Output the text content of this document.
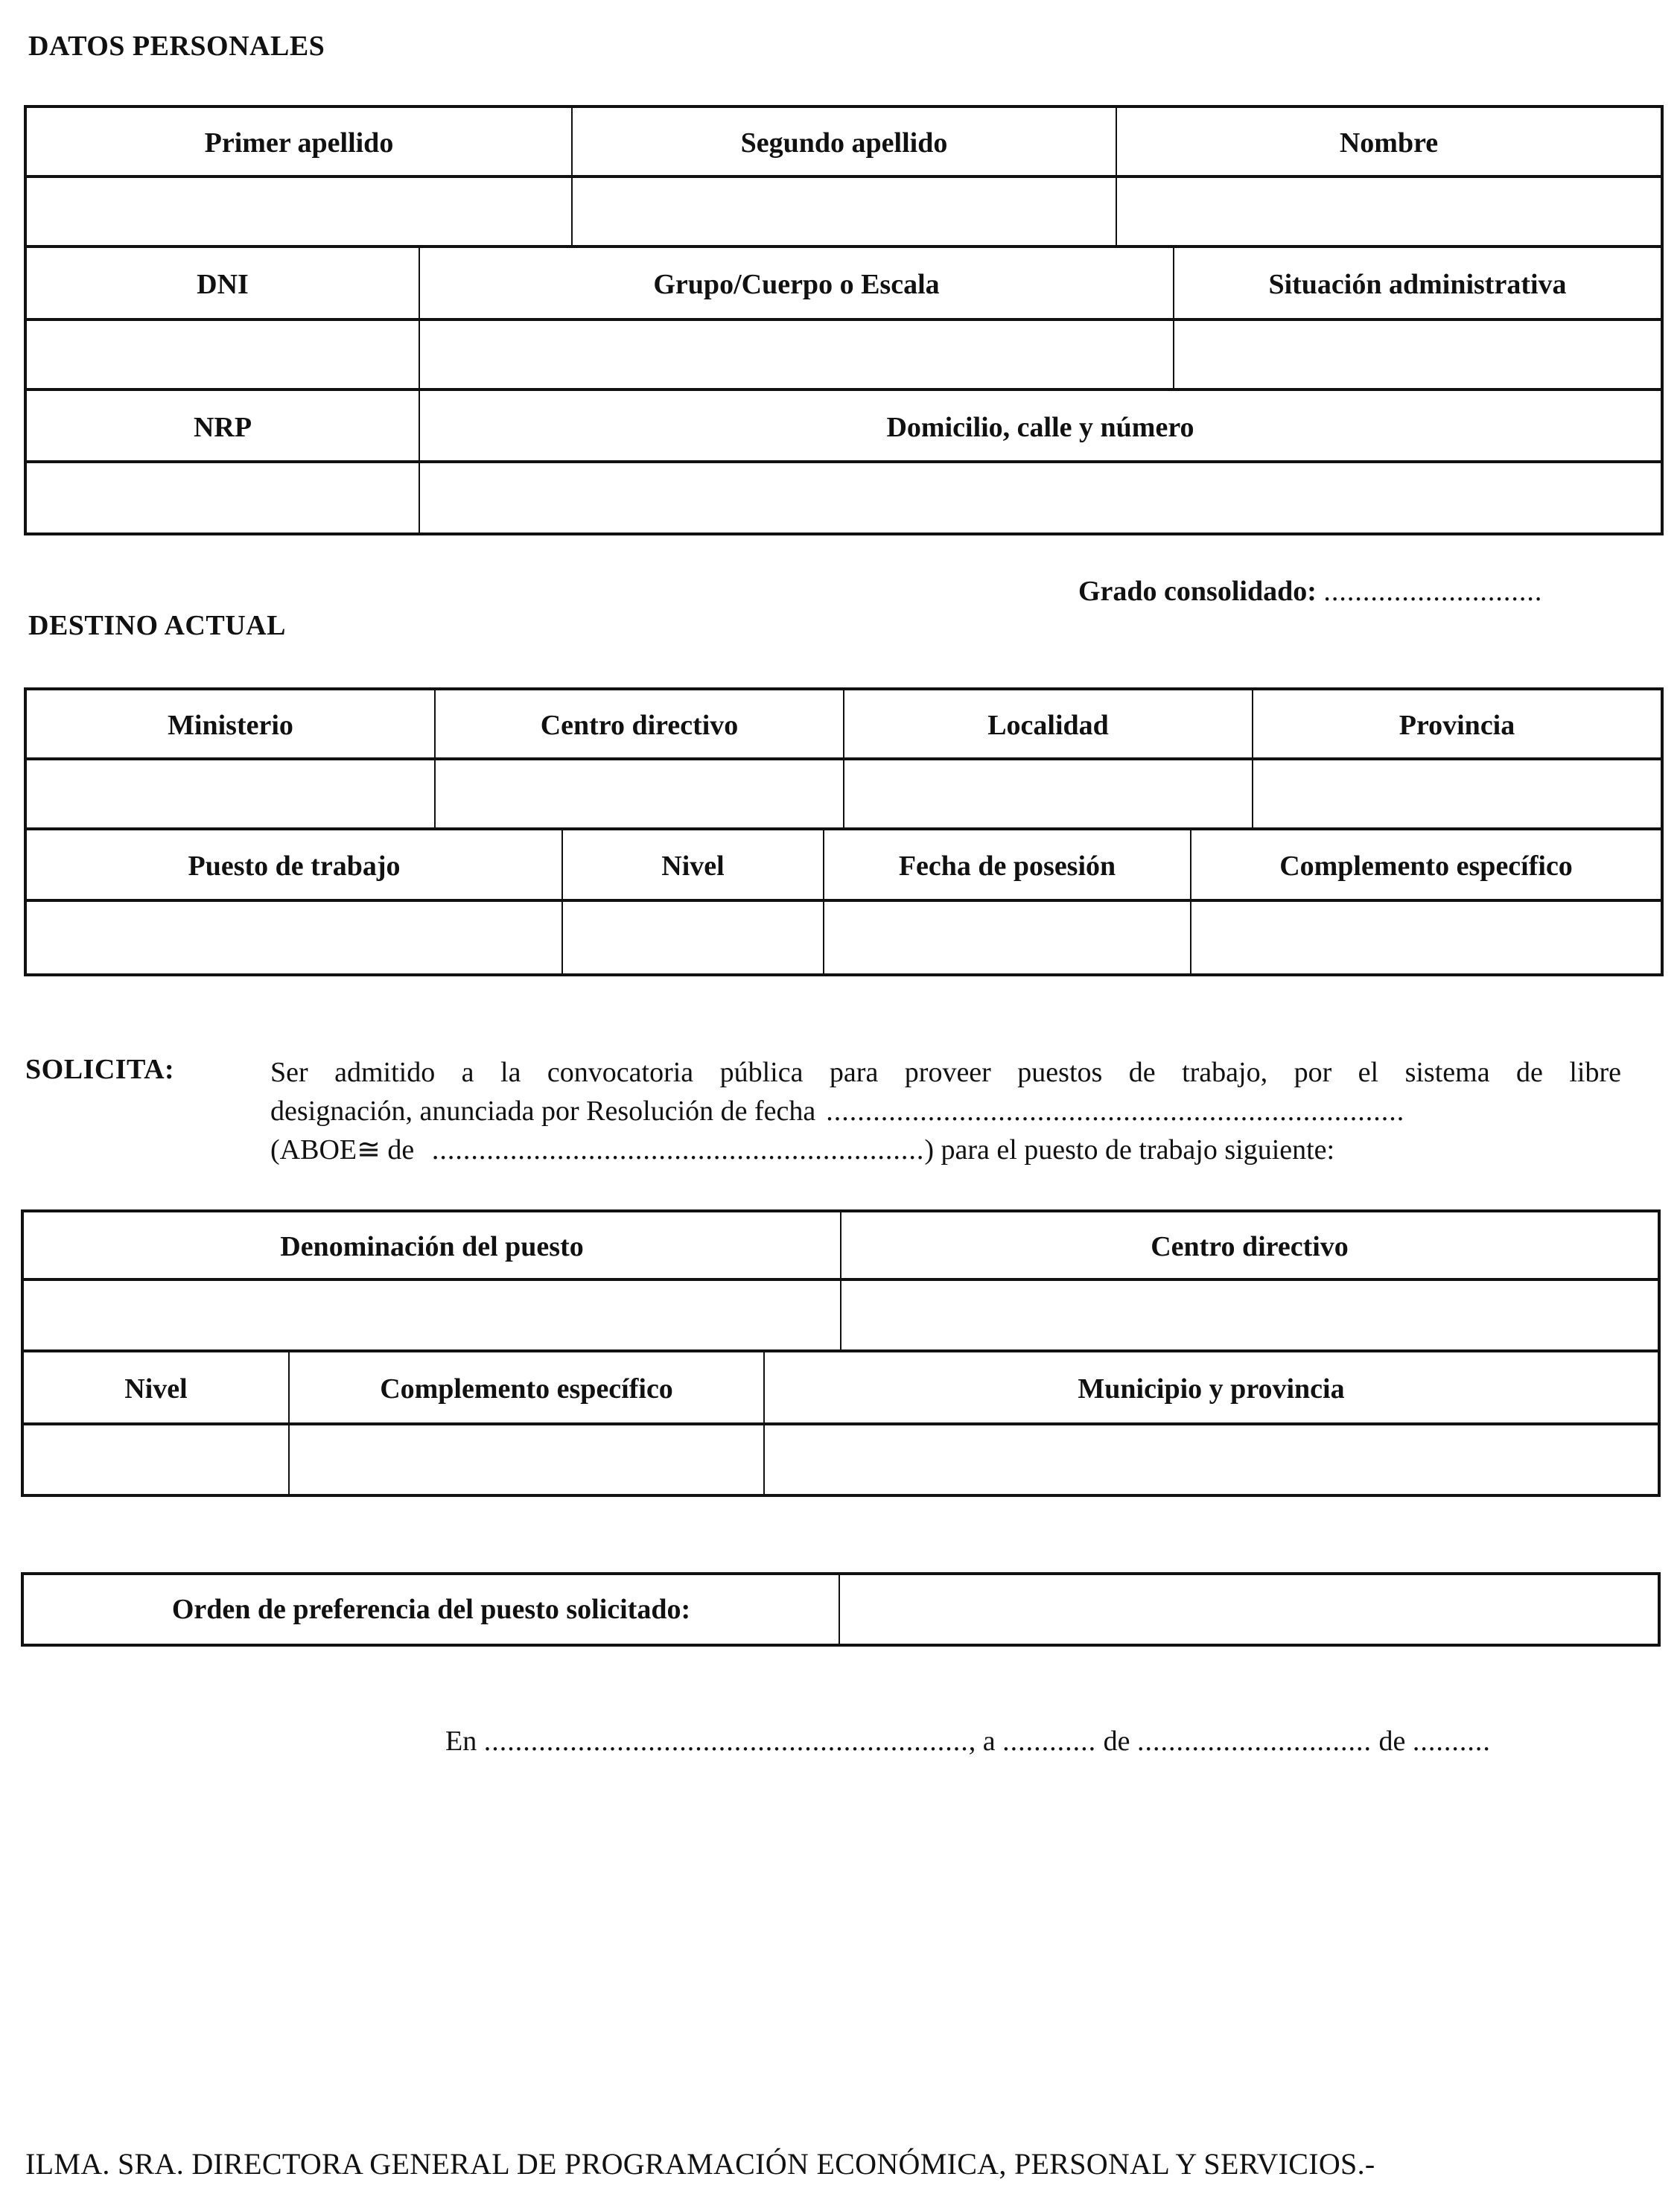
DATOS PERSONALES
Primer apellido	Segundo apellido	Nombre
DNI	Grupo/Cuerpo o Escala	Situación administrativa
NRP	Domicilio, calle y número
Grado consolidado: ............................
DESTINO ACTUAL
Ministerio	Centro directivo	Localidad	Provincia
Puesto de trabajo	Nivel	Fecha de posesión	Complemento específico
SOLICITA:	Ser admitido a la convocatoria pública para proveer puestos de trabajo, por el sistema de libre
designación, anunciada por Resolución de fecha ..........................................................................
(ABOE≅ de ...............................................................) para el puesto de trabajo siguiente:
Denominación del puesto	Centro directivo
Nivel	Complemento específico	Municipio y provincia
Orden de preferencia del puesto solicitado:
En .............................................................., a ............ de .............................. de ..........
ILMA. SRA. DIRECTORA GENERAL DE PROGRAMACIÓN ECONÓMICA, PERSONAL Y SERVICIOS.-
